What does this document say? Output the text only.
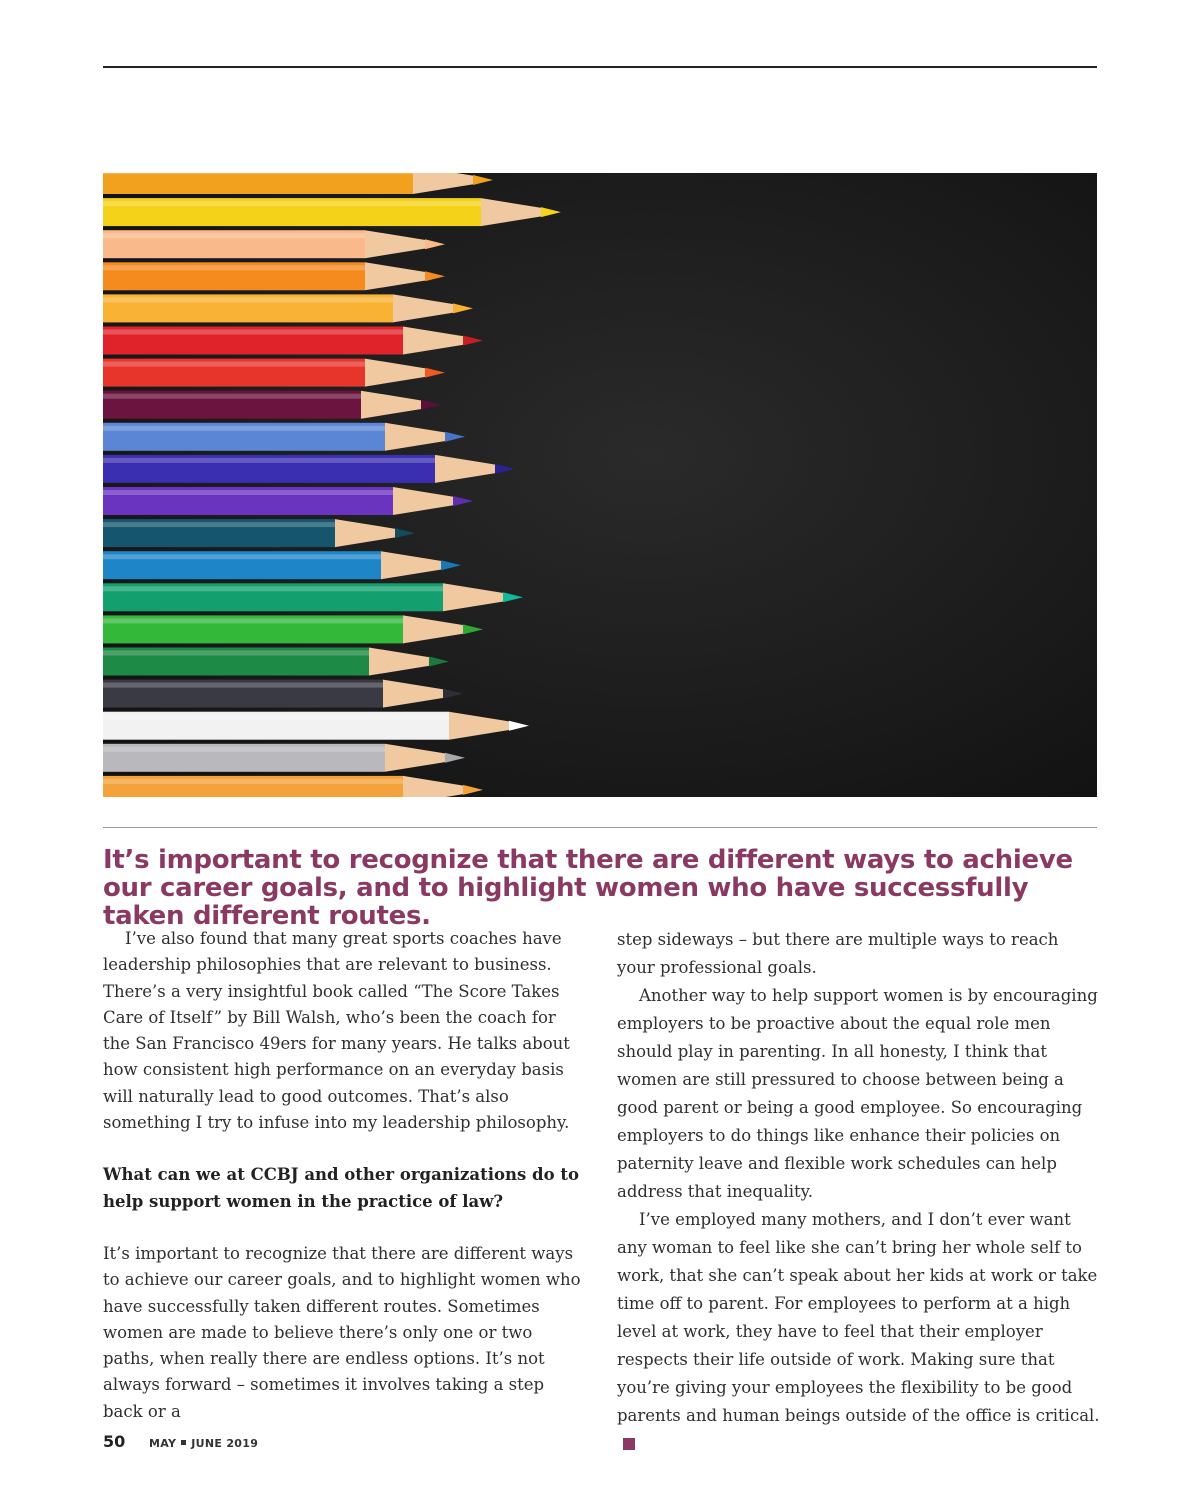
It’s important to recognize that there are different ways to achieve our career goals, and to highlight women who have successfully taken different routes.

I’ve also found that many great sports coaches have leadership philosophies that are relevant to business. There’s a very insightful book called “The Score Takes Care of Itself” by Bill Walsh, who’s been the coach for the San Francisco 49ers for many years. He talks about how consistent high performance on an everyday basis will naturally lead to good outcomes. That’s also something I try to infuse into my leadership philosophy.

What can we at CCBJ and other organizations do to help support women in the practice of law?

It’s important to recognize that there are different ways to achieve our career goals, and to highlight women who have successfully taken different routes. Sometimes women are made to believe there’s only one or two paths, when really there are endless options. It’s not always forward – sometimes it involves taking a step back or a

step sideways – but there are multiple ways to reach your professional goals.

Another way to help support women is by encouraging employers to be proactive about the equal role men should play in parenting. In all honesty, I think that women are still pressured to choose between being a good parent or being a good employee. So encouraging employers to do things like enhance their policies on paternity leave and flexible work schedules can help address that inequality.

I’ve employed many mothers, and I don’t ever want any woman to feel like she can’t bring her whole self to work, that she can’t speak about her kids at work or take time off to parent. For employees to perform at a high level at work, they have to feel that their employer respects their life outside of work. Making sure that you’re giving your employees the flexibility to be good parents and human beings outside of the office is critical.

50	MAY JUNE 2019
